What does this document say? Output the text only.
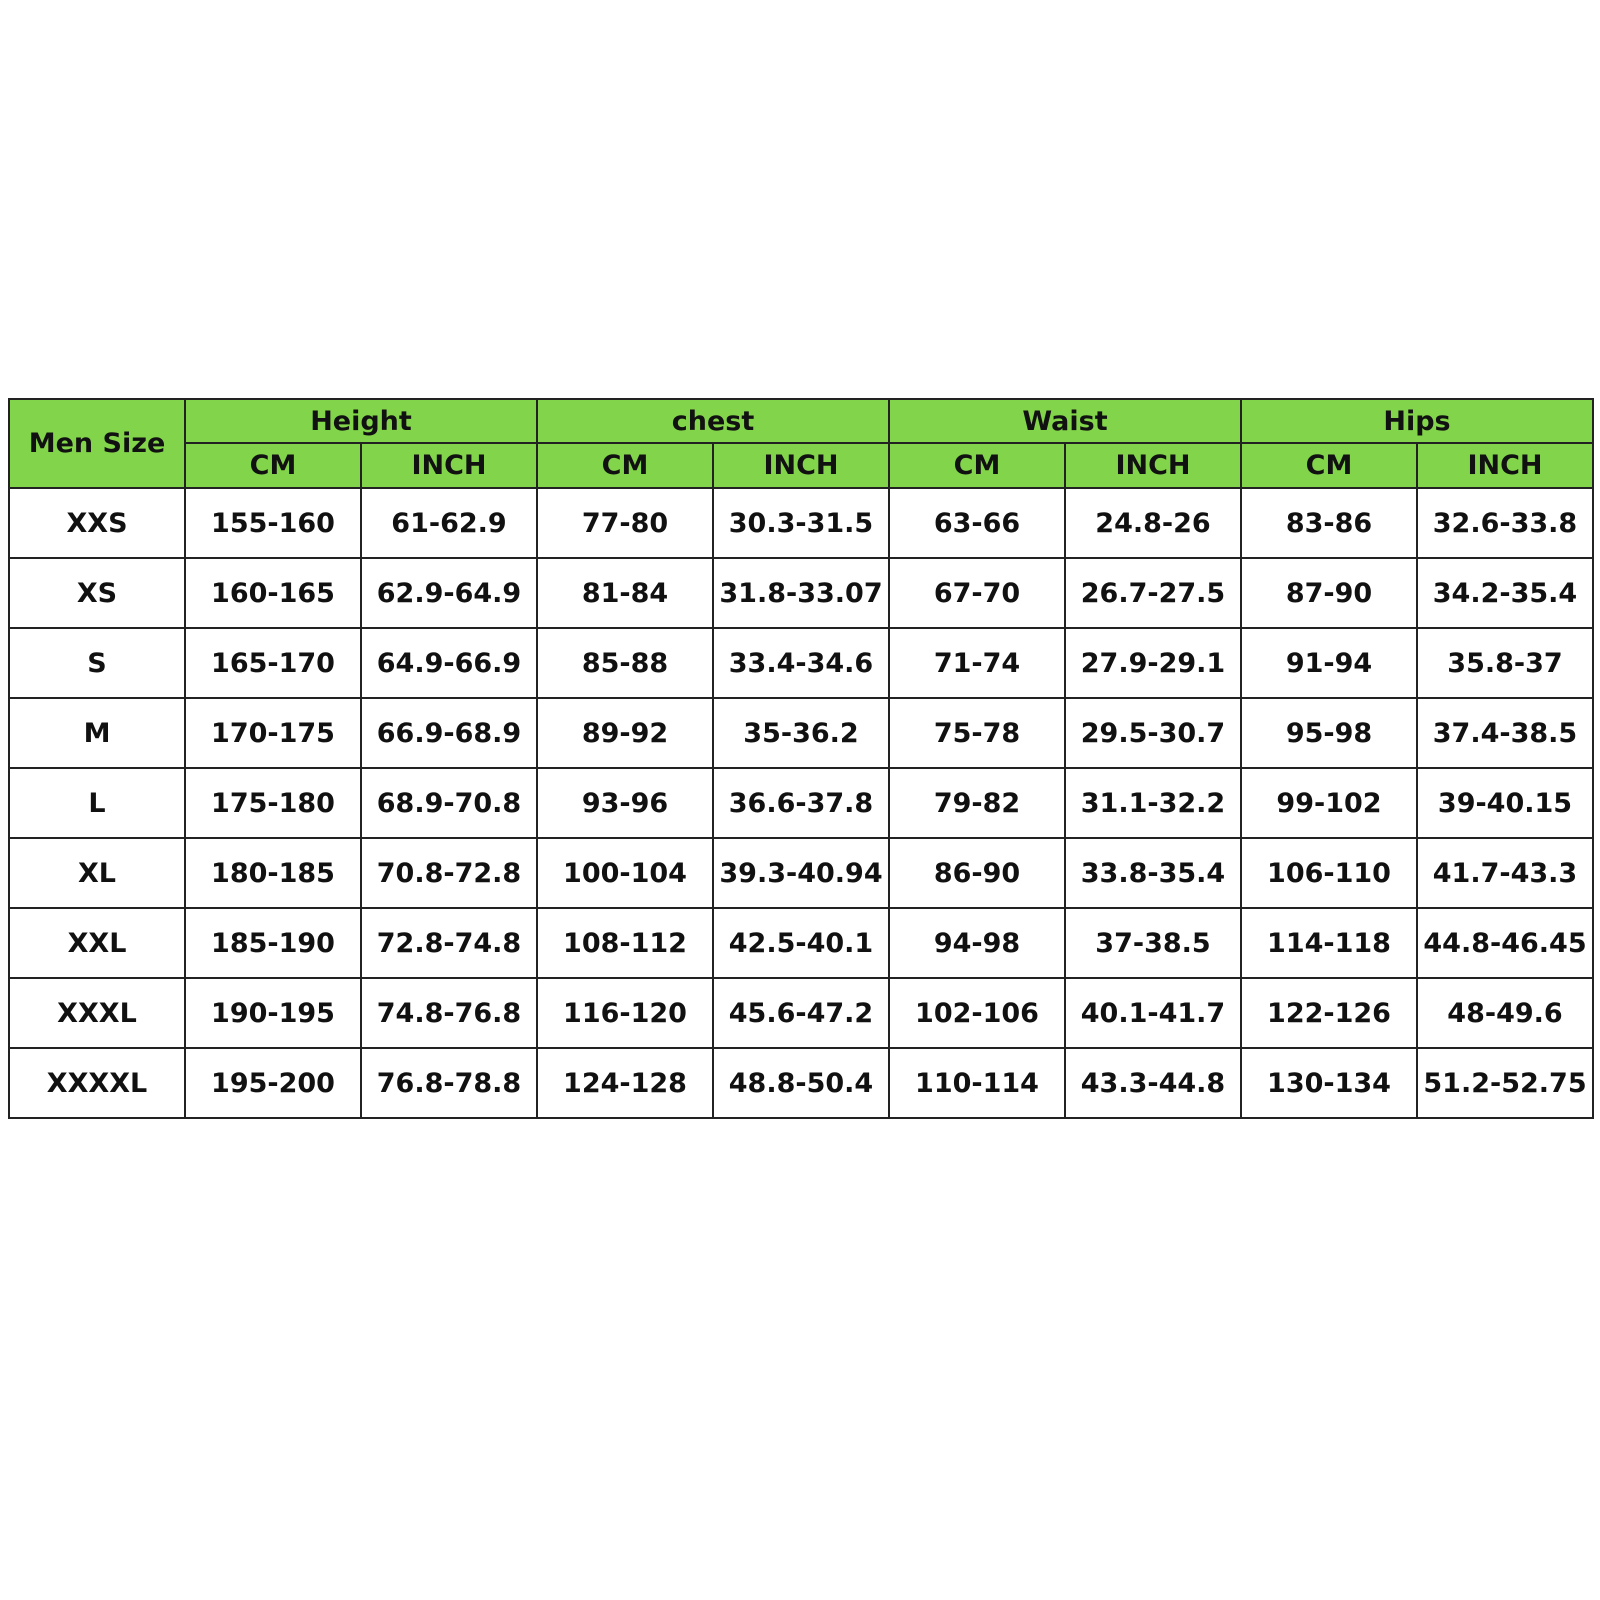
Men Size	Height		chest		Waist		Hips	
	CM	INCH	CM	INCH	CM	INCH	CM	INCH
XXS	155-160	61-62.9	77-80	30.3-31.5	63-66	24.8-26	83-86	32.6-33.8
XS	160-165	62.9-64.9	81-84	31.8-33.07	67-70	26.7-27.5	87-90	34.2-35.4
S	165-170	64.9-66.9	85-88	33.4-34.6	71-74	27.9-29.1	91-94	35.8-37
M	170-175	66.9-68.9	89-92	35-36.2	75-78	29.5-30.7	95-98	37.4-38.5
L	175-180	68.9-70.8	93-96	36.6-37.8	79-82	31.1-32.2	99-102	39-40.15
XL	180-185	70.8-72.8	100-104	39.3-40.94	86-90	33.8-35.4	106-110	41.7-43.3
XXL	185-190	72.8-74.8	108-112	42.5-40.1	94-98	37-38.5	114-118	44.8-46.45
XXXL	190-195	74.8-76.8	116-120	45.6-47.2	102-106	40.1-41.7	122-126	48-49.6
XXXXL	195-200	76.8-78.8	124-128	48.8-50.4	110-114	43.3-44.8	130-134	51.2-52.75
